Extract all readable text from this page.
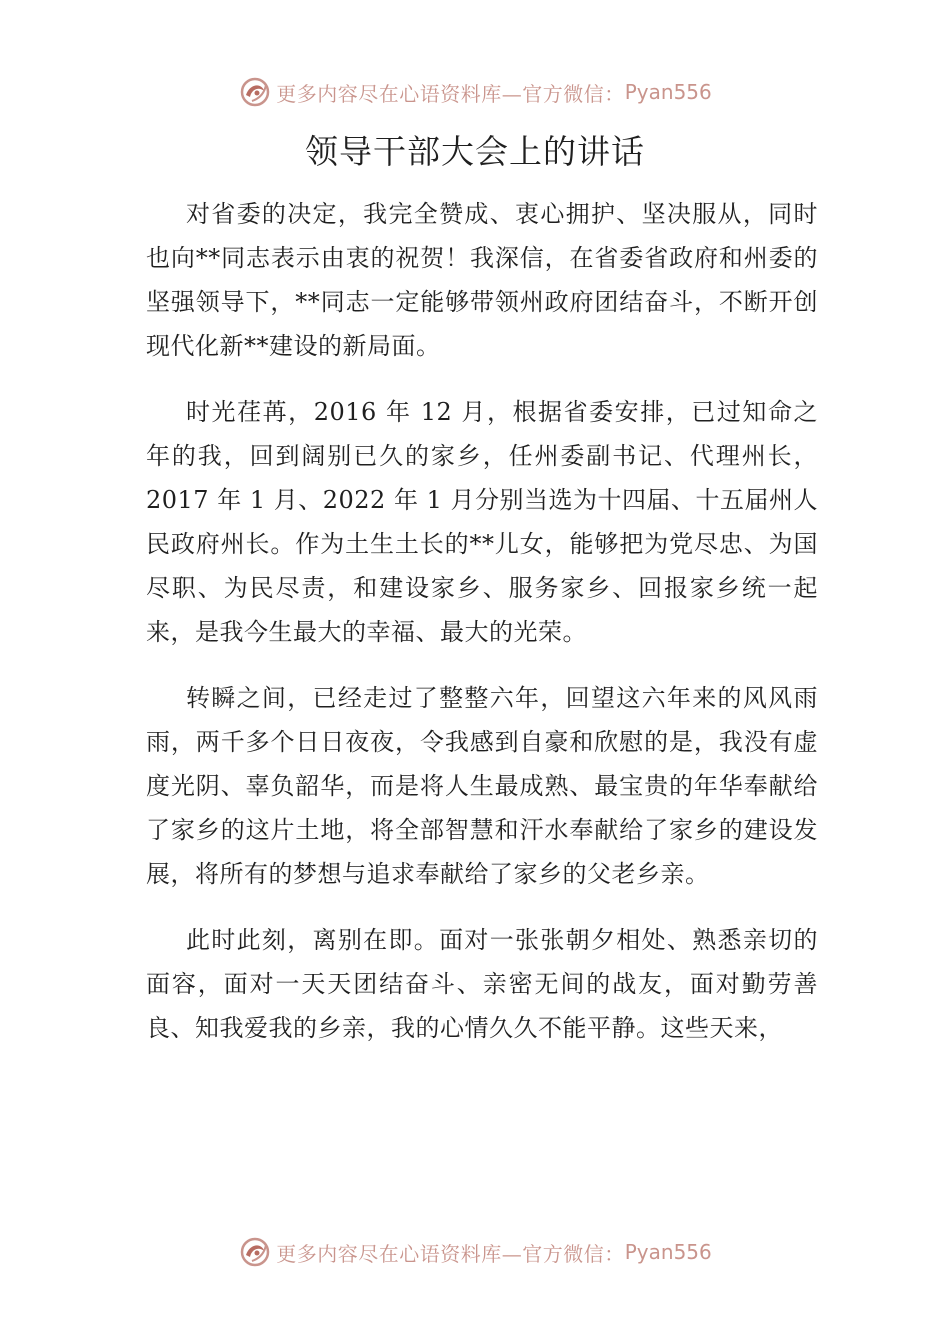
更多内容尽在心语资料库—官方微信： Pyan556
领导干部大会上的讲话

对省委的决定，我完全赞成、衷心拥护、坚决服从，同时也向**同志表示由衷的祝贺！我深信，在省委省政府和州委的坚强领导下，**同志一定能够带领州政府团结奋斗，不断开创现代化新**建设的新局面。

时光荏苒，2016 年 12 月，根据省委安排，已过知命之年的我，回到阔别已久的家乡，任州委副书记、代理州长，2017 年 1 月、2022 年 1 月分别当选为十四届、十五届州人民政府州长。作为土生土长的**儿女，能够把为党尽忠、为国尽职、为民尽责，和建设家乡、服务家乡、回报家乡统一起来，是我今生最大的幸福、最大的光荣。

转瞬之间，已经走过了整整六年，回望这六年来的风风雨雨，两千多个日日夜夜，令我感到自豪和欣慰的是，我没有虚度光阴、辜负韶华，而是将人生最成熟、最宝贵的年华奉献给了家乡的这片土地，将全部智慧和汗水奉献给了家乡的建设发展，将所有的梦想与追求奉献给了家乡的父老乡亲。

此时此刻，离别在即。面对一张张朝夕相处、熟悉亲切的面容，面对一天天团结奋斗、亲密无间的战友，面对勤劳善良、知我爱我的乡亲，我的心情久久不能平静。这些天来，

更多内容尽在心语资料库—官方微信： Pyan556
